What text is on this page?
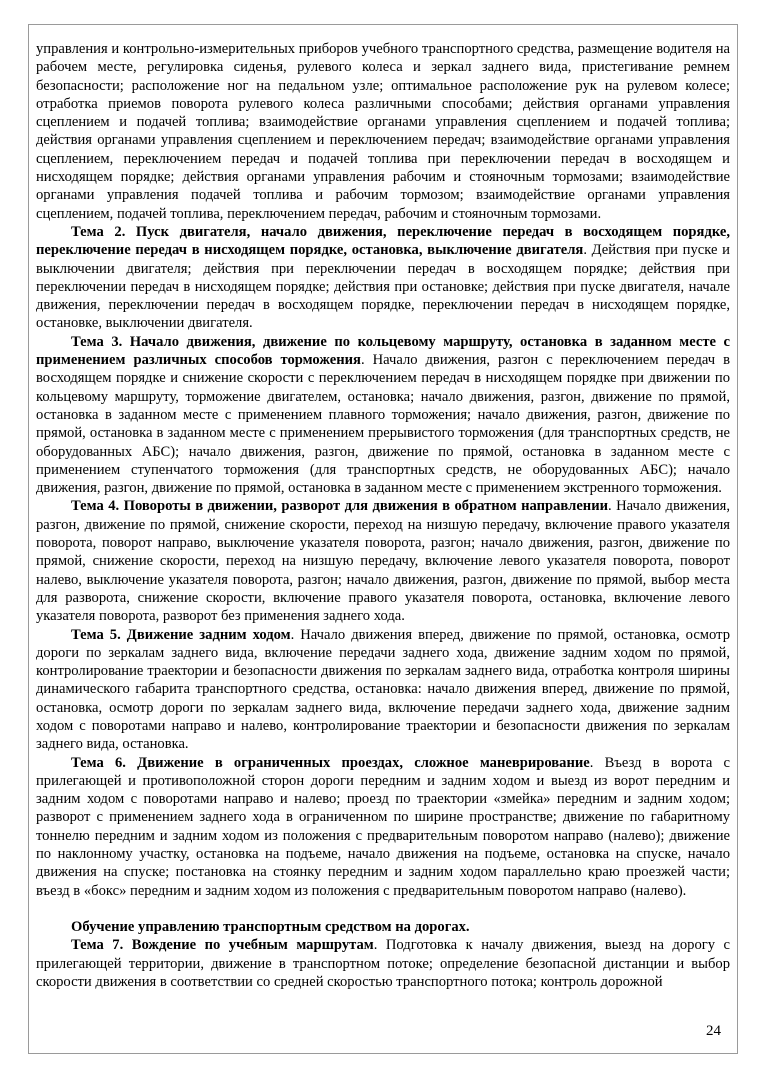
управления и контрольно-измерительных приборов учебного транспортного средства, размещение водителя на рабочем месте, регулировка сиденья, рулевого колеса и зеркал заднего вида, пристегивание ремнем безопасности; расположение ног на педальном узле; оптимальное расположение рук на рулевом колесе; отработка приемов поворота рулевого колеса различными способами; действия органами управления сцеплением и подачей топлива; взаимодействие органами управления сцеплением и подачей топлива; действия органами управления сцеплением и переключением передач; взаимодействие органами управления сцеплением, переключением передач и подачей топлива при переключении передач в восходящем и нисходящем порядке; действия органами управления рабочим и стояночным тормозами; взаимодействие органами управления подачей топлива и рабочим тормозом; взаимодействие органами управления сцеплением, подачей топлива, переключением передач, рабочим и стояночным тормозами.

Тема 2. Пуск двигателя, начало движения, переключение передач в восходящем порядке, переключение передач в нисходящем порядке, остановка, выключение двигателя. Действия при пуске и выключении двигателя; действия при переключении передач в восходящем порядке; действия при переключении передач в нисходящем порядке; действия при остановке; действия при пуске двигателя, начале движения, переключении передач в восходящем порядке, переключении передач в нисходящем порядке, остановке, выключении двигателя.

Тема 3. Начало движения, движение по кольцевому маршруту, остановка в заданном месте с применением различных способов торможения. Начало движения, разгон с переключением передач в восходящем порядке и снижение скорости с переключением передач в нисходящем порядке при движении по кольцевому маршруту, торможение двигателем, остановка; начало движения, разгон, движение по прямой, остановка в заданном месте с применением плавного торможения; начало движения, разгон, движение по прямой, остановка в заданном месте с применением прерывистого торможения (для транспортных средств, не оборудованных АБС); начало движения, разгон, движение по прямой, остановка в заданном месте с применением ступенчатого торможения (для транспортных средств, не оборудованных АБС); начало движения, разгон, движение по прямой, остановка в заданном месте с применением экстренного торможения.

Тема 4. Повороты в движении, разворот для движения в обратном направлении. Начало движения, разгон, движение по прямой, снижение скорости, переход на низшую передачу, включение правого указателя поворота, поворот направо, выключение указателя поворота, разгон; начало движения, разгон, движение по прямой, снижение скорости, переход на низшую передачу, включение левого указателя поворота, поворот налево, выключение указателя поворота, разгон; начало движения, разгон, движение по прямой, выбор места для разворота, снижение скорости, включение правого указателя поворота, остановка, включение левого указателя поворота, разворот без применения заднего хода.

Тема 5. Движение задним ходом. Начало движения вперед, движение по прямой, остановка, осмотр дороги по зеркалам заднего вида, включение передачи заднего хода, движение задним ходом по прямой, контролирование траектории и безопасности движения по зеркалам заднего вида, отработка контроля ширины динамического габарита транспортного средства, остановка: начало движения вперед, движение по прямой, остановка, осмотр дороги по зеркалам заднего вида, включение передачи заднего хода, движение задним ходом с поворотами направо и налево, контролирование траектории и безопасности движения по зеркалам заднего вида, остановка.

Тема 6. Движение в ограниченных проездах, сложное маневрирование. Въезд в ворота с прилегающей и противоположной сторон дороги передним и задним ходом и выезд из ворот передним и задним ходом с поворотами направо и налево; проезд по траектории «змейка» передним и задним ходом; разворот с применением заднего хода в ограниченном по ширине пространстве; движение по габаритному тоннелю передним и задним ходом из положения с предварительным поворотом направо (налево); движение по наклонному участку, остановка на подъеме, начало движения на подъеме, остановка на спуске, начало движения на спуске; постановка на стоянку передним и задним ходом параллельно краю проезжей части; въезд в «бокс» передним и задним ходом из положения с предварительным поворотом направо (налево).

Обучение управлению транспортным средством на дорогах.

Тема 7. Вождение по учебным маршрутам. Подготовка к началу движения, выезд на дорогу с прилегающей территории, движение в транспортном потоке; определение безопасной дистанции и выбор скорости движения в соответствии со средней скоростью транспортного потока; контроль дорожной

24
